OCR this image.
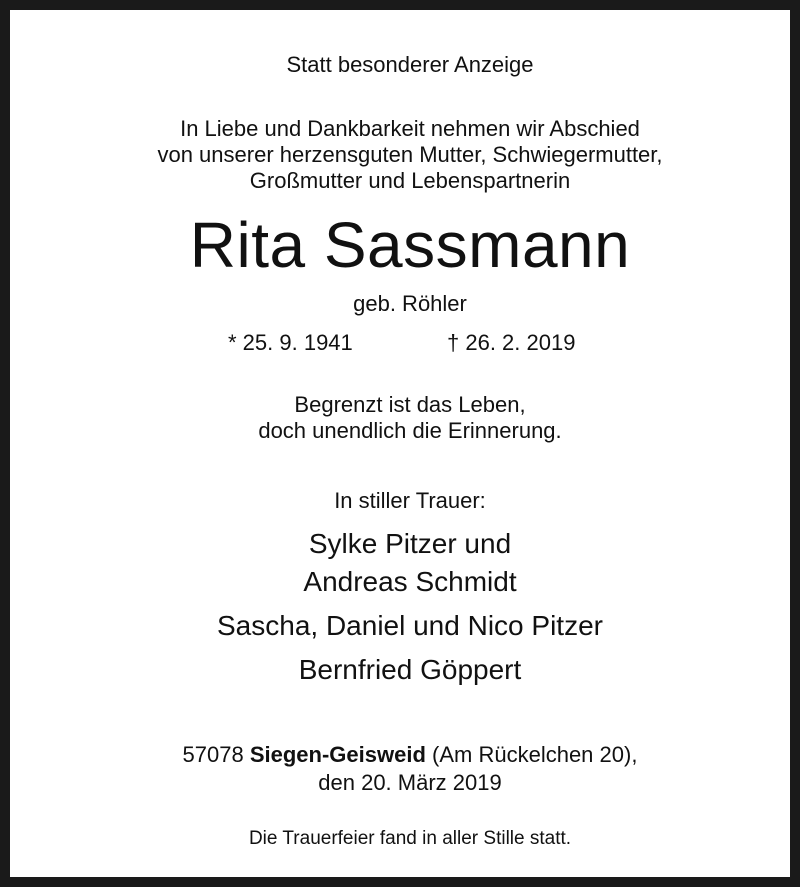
Statt besonderer Anzeige
In Liebe und Dankbarkeit nehmen wir Abschied
von unserer herzensguten Mutter, Schwiegermutter,
Großmutter und Lebenspartnerin
Rita Sassmann
geb. Röhler
* 25. 9. 1941	† 26. 2. 2019
Begrenzt ist das Leben,
doch unendlich die Erinnerung.
In stiller Trauer:
Sylke Pitzer und
Andreas Schmidt
Sascha, Daniel und Nico Pitzer
Bernfried Göppert
57078 Siegen-Geisweid (Am Rückelchen 20),
den 20. März 2019
Die Trauerfeier fand in aller Stille statt.
